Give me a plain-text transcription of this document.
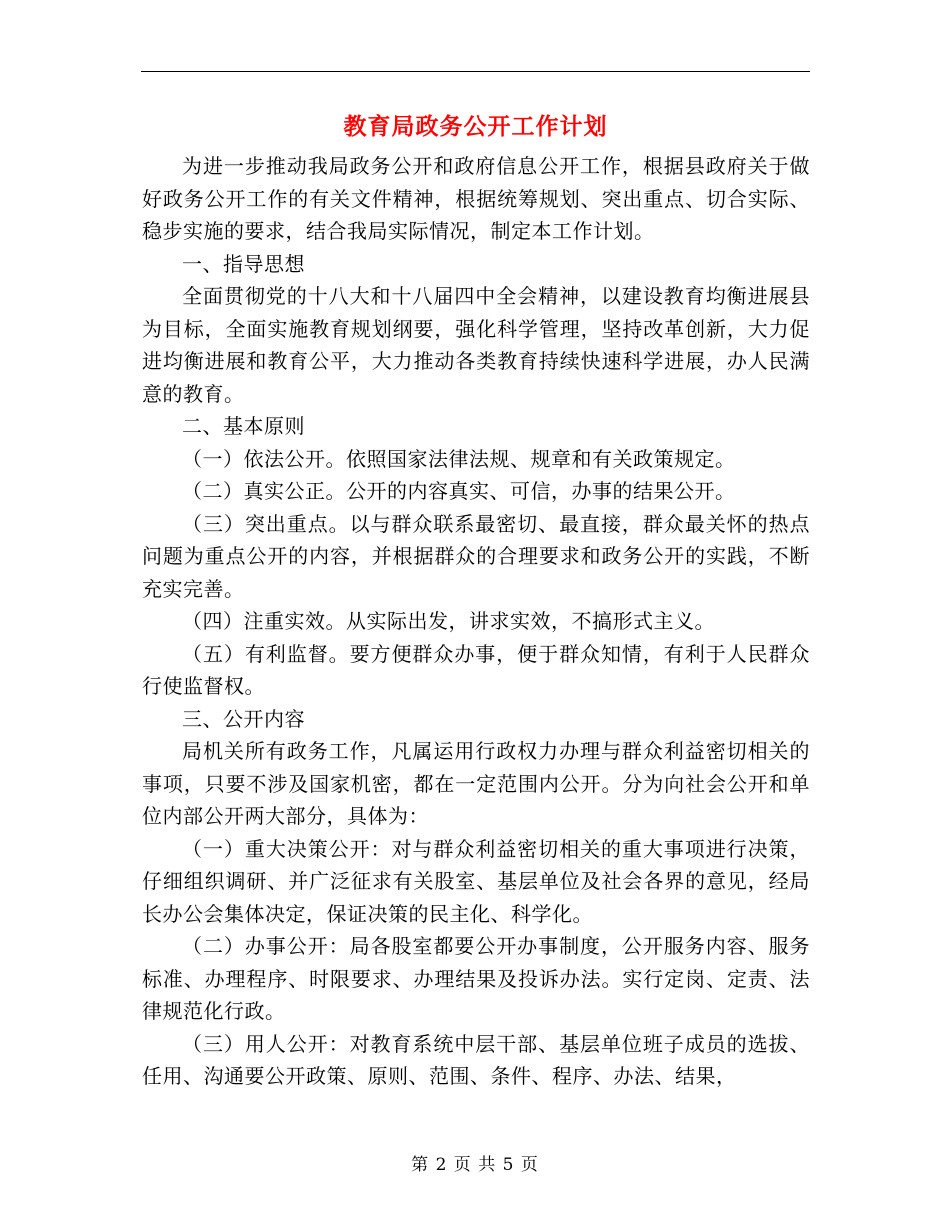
教育局政务公开工作计划

为进一步推动我局政务公开和政府信息公开工作，根据县政府关于做好政务公开工作的有关文件精神，根据统筹规划、突出重点、切合实际、稳步实施的要求，结合我局实际情况，制定本工作计划。

一、指导思想

全面贯彻党的十八大和十八届四中全会精神，以建设教育均衡进展县为目标，全面实施教育规划纲要，强化科学管理，坚持改革创新，大力促进均衡进展和教育公平，大力推动各类教育持续快速科学进展，办人民满意的教育。

二、基本原则

（一）依法公开。依照国家法律法规、规章和有关政策规定。

（二）真实公正。公开的内容真实、可信，办事的结果公开。

（三）突出重点。以与群众联系最密切、最直接，群众最关怀的热点问题为重点公开的内容，并根据群众的合理要求和政务公开的实践，不断充实完善。

（四）注重实效。从实际出发，讲求实效，不搞形式主义。

（五）有利监督。要方便群众办事，便于群众知情，有利于人民群众行使监督权。

三、公开内容

局机关所有政务工作，凡属运用行政权力办理与群众利益密切相关的事项，只要不涉及国家机密，都在一定范围内公开。分为向社会公开和单位内部公开两大部分，具体为：

（一）重大决策公开：对与群众利益密切相关的重大事项进行决策，仔细组织调研、并广泛征求有关股室、基层单位及社会各界的意见，经局长办公会集体决定，保证决策的民主化、科学化。

（二）办事公开：局各股室都要公开办事制度，公开服务内容、服务标准、办理程序、时限要求、办理结果及投诉办法。实行定岗、定责、法律规范化行政。

（三）用人公开：对教育系统中层干部、基层单位班子成员的选拔、任用、沟通要公开政策、原则、范围、条件、程序、办法、结果，

第 2 页 共 5 页
